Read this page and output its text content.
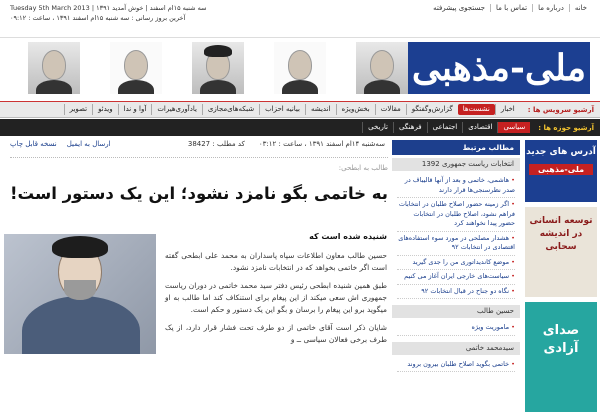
خانه
درباره ما
تماس با ما
جستجوی پیشرفته
Tuesday 5th March 2013 | ۱۳۹۱ سه شنبه ۱۵ام اسفند | خوش آمدید
آخرین بروز رسانی : سه شنبه ۱۵ام اسفند ۱۳۹۱ ، ساعت : ۰۹:۱۲
ملی-مذهبی
آرشیو سرویس ها :
اخبار
نشست‌ها
گزارش‌وگفتگو
مقالات
بخش‌ویژه
اندیشه
بیانیه احزاب
شبکه‌های‌مجازی
یادآوری‌هیرات
آوا و ندا
ویدئو
تصویر
آرشیو حوزه ها :
سیاسی
اقتصادی
اجتماعی
فرهنگی
تاریخی
سه‌شنبه ۱۴ام اسفند ۱۳۹۱ ، ساعت : ۰۳:۱۲
کد مطلب : 38427
ارسال به ایمیل
نسخه قابل چاپ
طالب به ابطحی:
به خاتمی بگو نامزد نشود؛ این یک دستور است!
شنیده شده است که

حسین طالب معاون اطلاعات سپاه پاسداران به محمد علی ابطحی گفته است اگر خاتمی بخواهد که در انتخابات نامزد نشود.

طبق همین شنیده ابطحی رئیس دفتر سید محمد خاتمی در دوران ریاست جمهوری اش سعی میکند از این پیغام برای استنکاف کند اما طالب به او میگوید برو این پیغام را برسان و بگو این یک دستور و حکم است.

شایان ذکر است آقای خاتمی از دو طرف تحت فشار قرار دارد، از یک طرف برخی فعالان سیاسی ــ و

مطالب مرتبط
انتخابات ریاست جمهوری 1392
• هاشمی، خاتمی و بعد از آنها قالیباف در صدر نظرسنجی‌ها قرار دارند
• اگر زمینه حضور اصلاح طلبان در انتخابات فراهم نشود، اصلاح طلبان در انتخابات حضور پیدا نخواهند کرد
• هشدار مصلحی در مورد سوء استفاده‌های اقتصادی در انتخابات ۹۲
• موضع کاندیداتوری من را جدی گیرید
• سیاست‌های خارجی ایران آغاز می کنیم
• نگاه دو جناح در قبال انتخابات ۹۲
حسین طالب
• ماموریت ویژه
سیدمحمد خاتمی
• خاتمی بگوید اصلاح طلبان بیرون بروند
آدرس های جدید
ملی-مذهبی
توسعه انسانی در اندیشه سحابی
صدای آزادی
